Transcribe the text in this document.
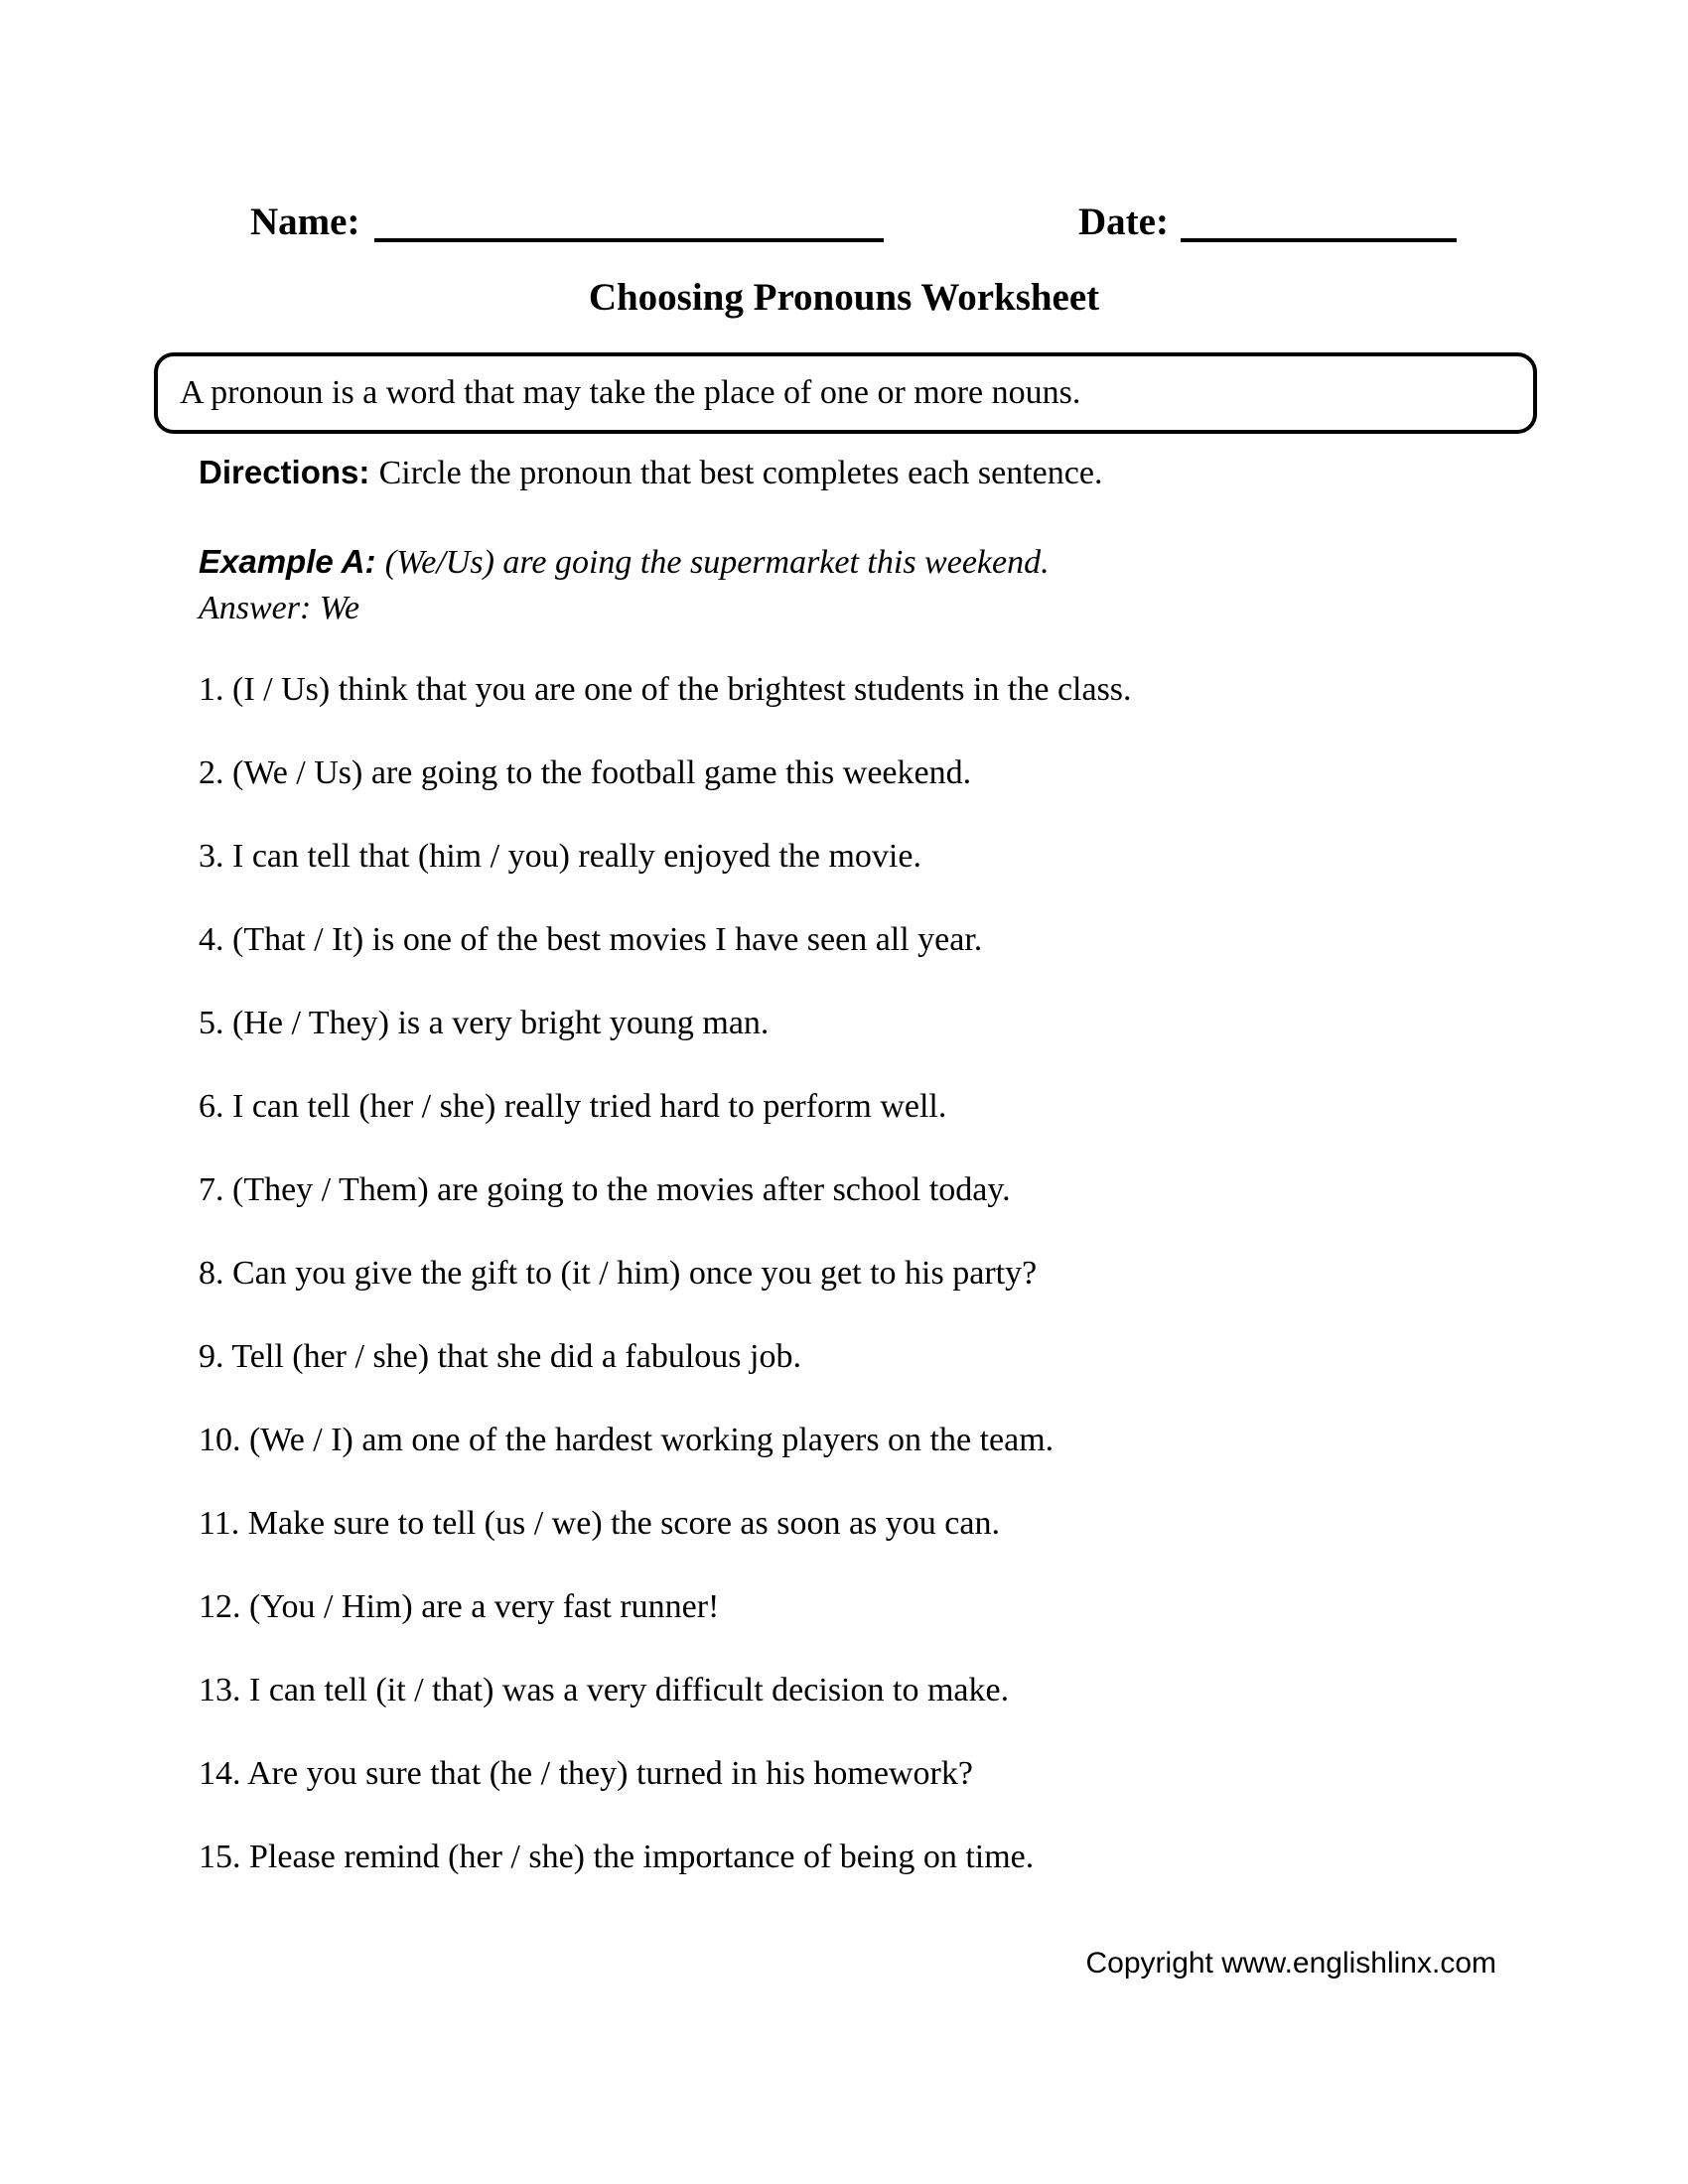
Name:	Date:
Choosing Pronouns Worksheet
A pronoun is a word that may take the place of one or more nouns.
Directions: Circle the pronoun that best completes each sentence.
Example A: (We/Us) are going the supermarket this weekend.
Answer: We
1. (I / Us) think that you are one of the brightest students in the class.
2. (We / Us) are going to the football game this weekend.
3. I can tell that (him / you) really enjoyed the movie.
4. (That / It) is one of the best movies I have seen all year.
5. (He / They) is a very bright young man.
6. I can tell (her / she) really tried hard to perform well.
7. (They / Them) are going to the movies after school today.
8. Can you give the gift to (it / him) once you get to his party?
9. Tell (her / she) that she did a fabulous job.
10. (We / I) am one of the hardest working players on the team.
11. Make sure to tell (us / we) the score as soon as you can.
12. (You / Him) are a very fast runner!
13. I can tell (it / that) was a very difficult decision to make.
14. Are you sure that (he / they) turned in his homework?
15. Please remind (her / she) the importance of being on time.
Copyright www.englishlinx.com
